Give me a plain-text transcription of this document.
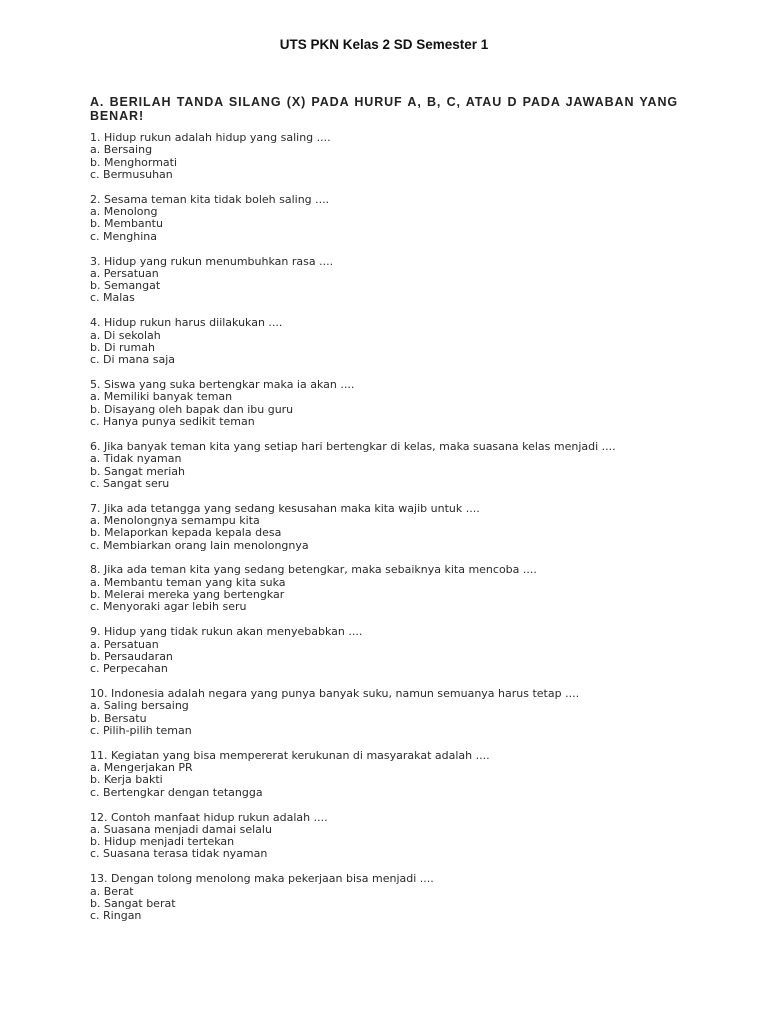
UTS PKN Kelas 2 SD Semester 1
A. BERILAH TANDA SILANG (X) PADA HURUF A, B, C, ATAU D PADA JAWABAN YANG BENAR!
1. Hidup rukun adalah hidup yang saling ....
a. Bersaing
b. Menghormati
c. Bermusuhan
2. Sesama teman kita tidak boleh saling ....
a. Menolong
b. Membantu
c. Menghina
3. Hidup yang rukun menumbuhkan rasa ....
a. Persatuan
b. Semangat
c. Malas
4. Hidup rukun harus diilakukan ....
a. Di sekolah
b. Di rumah
c. Di mana saja
5. Siswa yang suka bertengkar maka ia akan ....
a. Memiliki banyak teman
b. Disayang oleh bapak dan ibu guru
c. Hanya punya sedikit teman
6. Jika banyak teman kita yang setiap hari bertengkar di kelas, maka suasana kelas menjadi ....
a. Tidak nyaman
b. Sangat meriah
c. Sangat seru
7. Jika ada tetangga yang sedang kesusahan maka kita wajib untuk ....
a. Menolongnya semampu kita
b. Melaporkan kepada kepala desa
c. Membiarkan orang lain menolongnya
8. Jika ada teman kita yang sedang betengkar, maka sebaiknya kita mencoba ....
a. Membantu teman yang kita suka
b. Melerai mereka yang bertengkar
c. Menyoraki agar lebih seru
9. Hidup yang tidak rukun akan menyebabkan ....
a. Persatuan
b. Persaudaran
c. Perpecahan
10. Indonesia adalah negara yang punya banyak suku, namun semuanya harus tetap ....
a. Saling bersaing
b. Bersatu
c. Pilih-pilih teman
11. Kegiatan yang bisa mempererat kerukunan di masyarakat adalah ....
a. Mengerjakan PR
b. Kerja bakti
c. Bertengkar dengan tetangga
12. Contoh manfaat hidup rukun adalah ....
a. Suasana menjadi damai selalu
b. Hidup menjadi tertekan
c. Suasana terasa tidak nyaman
13. Dengan tolong menolong maka pekerjaan bisa menjadi ....
a. Berat
b. Sangat berat
c. Ringan
